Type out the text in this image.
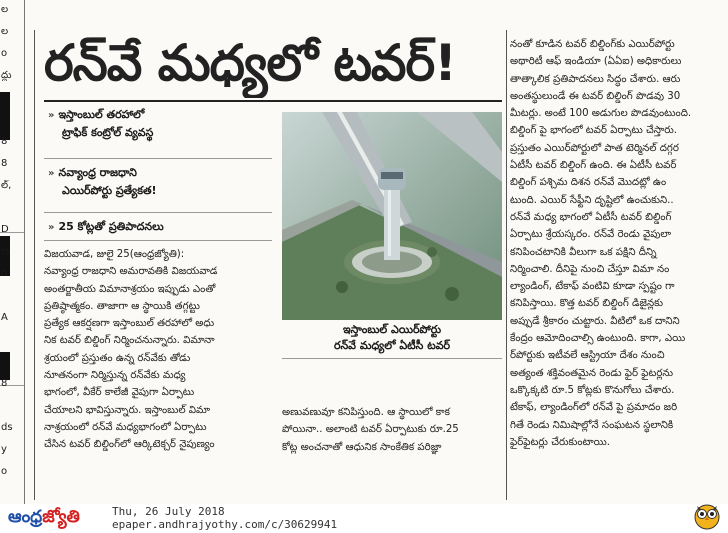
ల
ల
o
ద్దు
8
8
ల్,
D
rs
n
A
8
ds
y
o
రన్‌వే మధ్యలో టవర్!
» ఇస్తాంబుల్ తరహాలో
ట్రాఫిక్ కంట్రోల్ వ్యవస్థ
» నవ్యాంధ్ర రాజధాని
ఎయిర్‌పోర్టు ప్రత్యేకత!
» 25 కోట్లతో ప్రతిపాదనలు

విజయవాడ, జులై 25(ఆంధ్రజ్యోతి):

నవ్యాంధ్ర రాజధాని అమరావతికి విజయవాడ

అంతర్జాతీయ విమానాశ్రయం ఇప్పుడు ఎంతో

ప్రతిష్ఠాత్మకం. తాజాగా ఆ స్థాయికి తగ్గట్టు

ప్రత్యేక ఆకర్షణగా ఇస్తాంబుల్ తరహాలో అధు

నిక టవర్ బిల్డింగ్ నిర్మించనున్నారు. విమానా

శ్రయంలో ప్రస్తుతం ఉన్న రన్‌వేకు తోడు

నూతనంగా నిర్మిస్తున్న రన్‌వేకు మధ్య

భాగంలో, వీకేర్ కాలేజీ వైపుగా ఏర్పాటు

చేయాలని భావిస్తున్నారు. ఇస్తాంబుల్ విమా

నాశ్రయంలో రన్‌వే మధ్యభాగంలో ఏర్పాటు

చేసిన టవర్ బిల్డింగ్‌లో ఆర్కిటెక్చర్ నైపుణ్యం

ఇస్తాంబుల్ ఎయిర్‌పోర్టు
రన్‌వే మధ్యలో ఏటీసీ టవర్

అణువణువూ కనిపిస్తుంది. ఆ స్థాయిలో కాక

పోయినా.. అలాంటి టవర్ ఏర్పాటుకు రూ.25

కోట్ల అంచనాతో ఆధునిక సాంకేతిక పరిజ్ఞా

నంతో కూడిన టవర్ బిల్డింగ్‌కు ఎయిర్‌పోర్టు

అథారిటీ ఆఫ్ ఇండియా (ఏఏఐ) అధికారులు

తాత్కాలిక ప్రతిపాదనలు సిద్ధం చేశారు. ఆరు

అంతస్థులుండే ఈ టవర్ బిల్డింగ్ పొడవు 30

మీటర్లు. అంటే 100 అడుగుల పొడవుంటుంది.

బిల్డింగ్ పై భాగంలో టవర్ ఏర్పాటు చేస్తారు.

ప్రస్తుతం ఎయిర్‌పోర్టులో పాత టెర్మినల్ దగ్గర

ఏటీసీ టవర్ బిల్డింగ్ ఉంది. ఈ ఏటీసీ టవర్

బిల్డింగ్ పశ్చిమ దిశన రన్‌వే మొదట్లో ఉం

టుంది. ఎయిర్ సేఫ్టీని దృష్టిలో ఉంచుకుని..

రన్‌వే మధ్య భాగంలో ఏటీసీ టవర్ బిల్డింగ్

ఏర్పాటు శ్రేయస్కరం. రన్‌వే రెండు వైపులా

కనిపించటానికి వీలుగా ఒక పక్షిని దీన్ని

నిర్మించాలి. దీనిపై నుంచి చేస్తూ విమా నం

ల్యాండింగ్, టేకాఫ్ వంటివి కూడా స్పష్టం గా

కనిపిస్తాయి. కొత్త టవర్ బిల్డింగ్ డిజైన్లకు

అప్పుడే శ్రీకారం చుట్టారు. వీటిలో ఒక దానిని

కేంద్రం ఆమోదించాల్సి ఉంటుంది. కాగా, ఎయి

ర్‌పోర్టుకు ఇటీవలే ఆస్ట్రియా దేశం నుంచి

అత్యంత శక్తివంతమైన రెండు ఫైర్ ఫైటర్లను

ఒక్కొక్కటి రూ.5 కోట్లకు కొనుగోలు చేశారు.

టేకాఫ్, ల్యాండింగ్‌లో రన్‌వే పై ప్రమాదం జరి

గితే రెండు నిమిషాల్లోనే సంఘటన స్థలానికి

ఫైర్‌ఫైటర్లు చేరుకుంటాయి.

ఆంధ్రజ్యోతి	Thu, 26 July 2018
epaper.andhrajyothy.com/c/30629941
